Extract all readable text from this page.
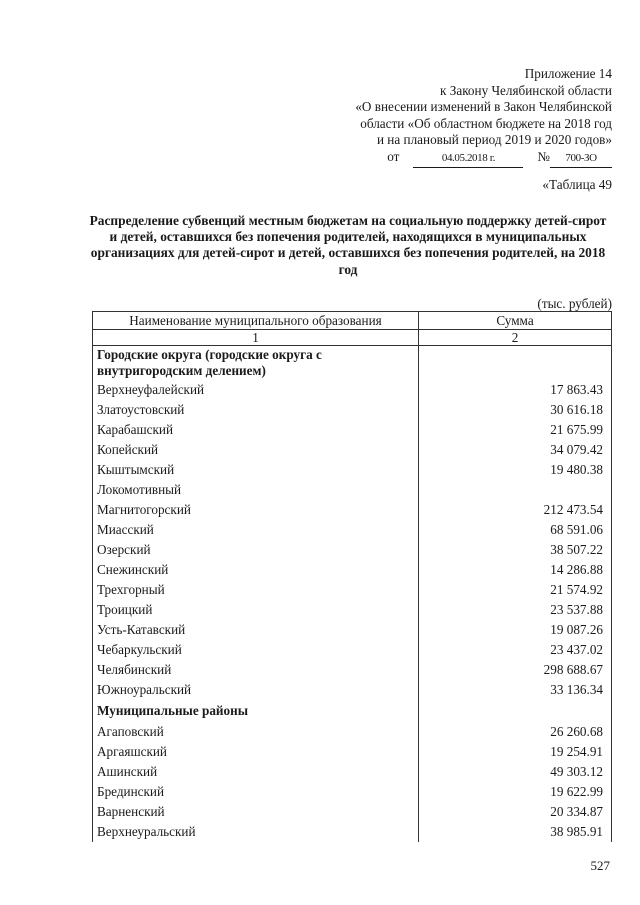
Приложение 14
к Закону Челябинской области
«О внесении изменений в Закон Челябинской
области «Об областном бюджете на 2018 год
и на плановый период 2019 и 2020 годов»
от	04.05.2018 г.	№	700-ЗО
«Таблица 49
Распределение субвенций местным бюджетам на социальную поддержку детей-сирот и детей, оставшихся без попечения родителей, находящихся в муниципальных организациях для детей-сирот и детей, оставшихся без попечения родителей, на 2018 год
(тыс. рублей)
Наименование муниципального образования	Сумма
1	2
Городские округа (городские округа с внутригородским делением)	
Верхнеуфалейский	17 863.43
Златоустовский	30 616.18
Карабашский	21 675.99
Копейский	34 079.42
Кыштымский	19 480.38
Локомотивный	
Магнитогорский	212 473.54
Миасский	68 591.06
Озерский	38 507.22
Снежинский	14 286.88
Трехгорный	21 574.92
Троицкий	23 537.88
Усть-Катавский	19 087.26
Чебаркульский	23 437.02
Челябинский	298 688.67
Южноуральский	33 136.34
Муниципальные районы	
Агаповский	26 260.68
Аргаяшский	19 254.91
Ашинский	49 303.12
Брединский	19 622.99
Варненский	20 334.87
Верхнеуральский	38 985.91
527
